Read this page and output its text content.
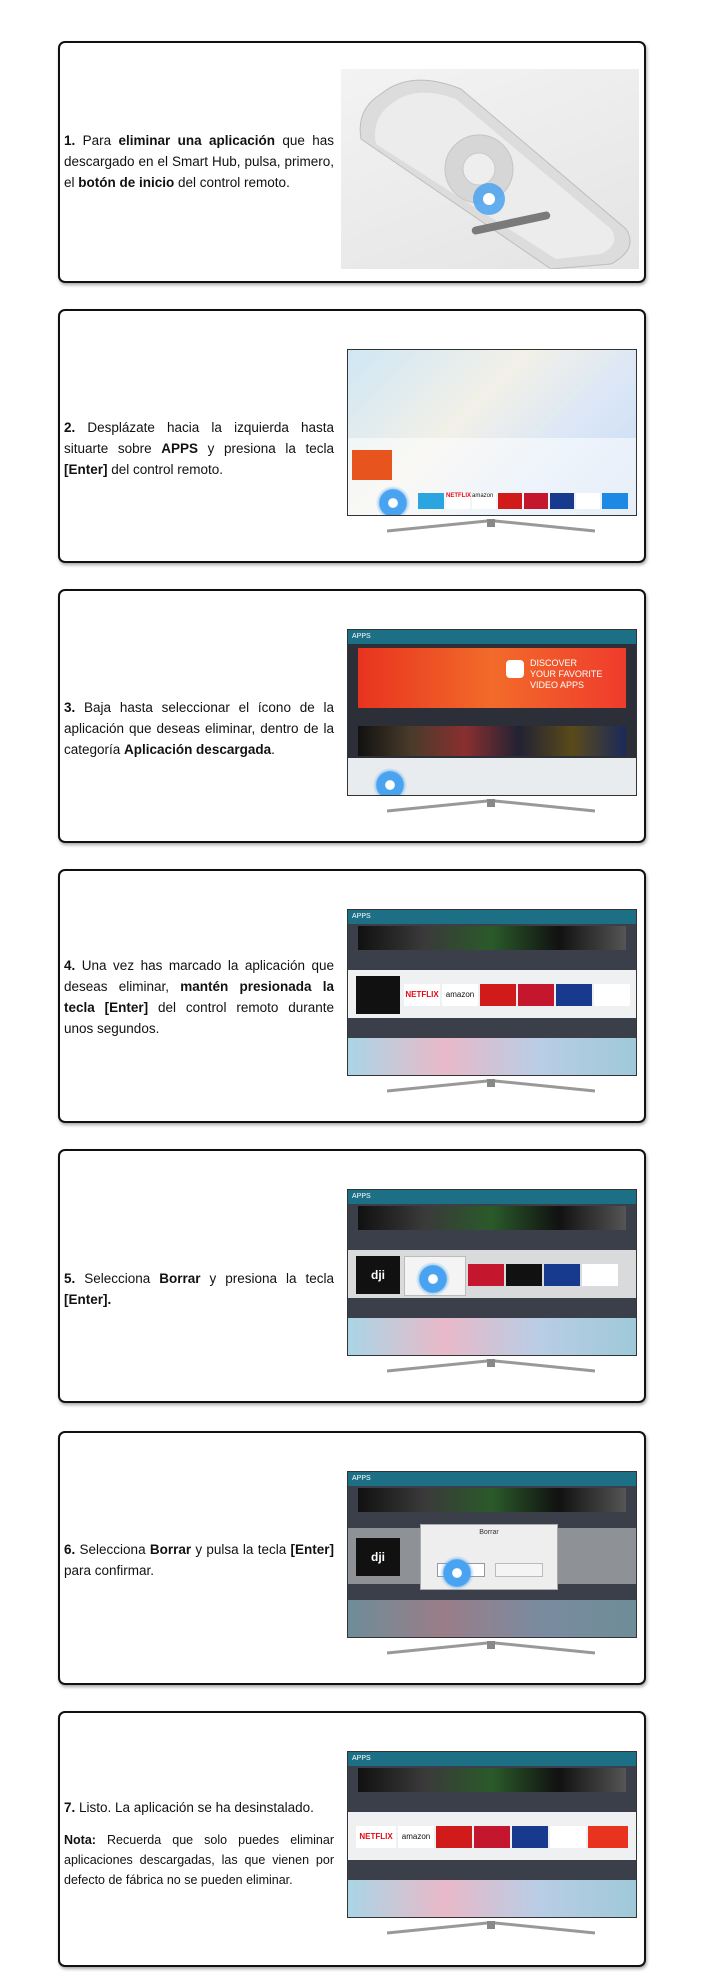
1. Para eliminar una aplicación que has descargado en el Smart Hub, pulsa, primero, el botón de inicio del control remoto.
2. Desplázate hacia la izquierda hasta situarte sobre APPS y presiona la tecla [Enter] del control remoto.
NETFLIX amazon
3. Baja hasta seleccionar el ícono de la aplicación que deseas eliminar, dentro de la categoría Aplicación descargada.
APPS
DISCOVER
YOUR FAVORITE
VIDEO APPS
4. Una vez has marcado la aplicación que deseas eliminar, mantén presionada la tecla [Enter] del control remoto durante unos segundos.
APPS
NETFLIX amazon
5. Selecciona Borrar y presiona la tecla [Enter].
APPS
dji
6. Selecciona Borrar y pulsa la tecla [Enter] para confirmar.
APPS
dji
Borrar
7. Listo. La aplicación se ha desinstalado.
Nota: Recuerda que solo puedes eliminar aplicaciones descargadas, las que vienen por defecto de fábrica no se pueden eliminar.
APPS
NETFLIX	amazon
